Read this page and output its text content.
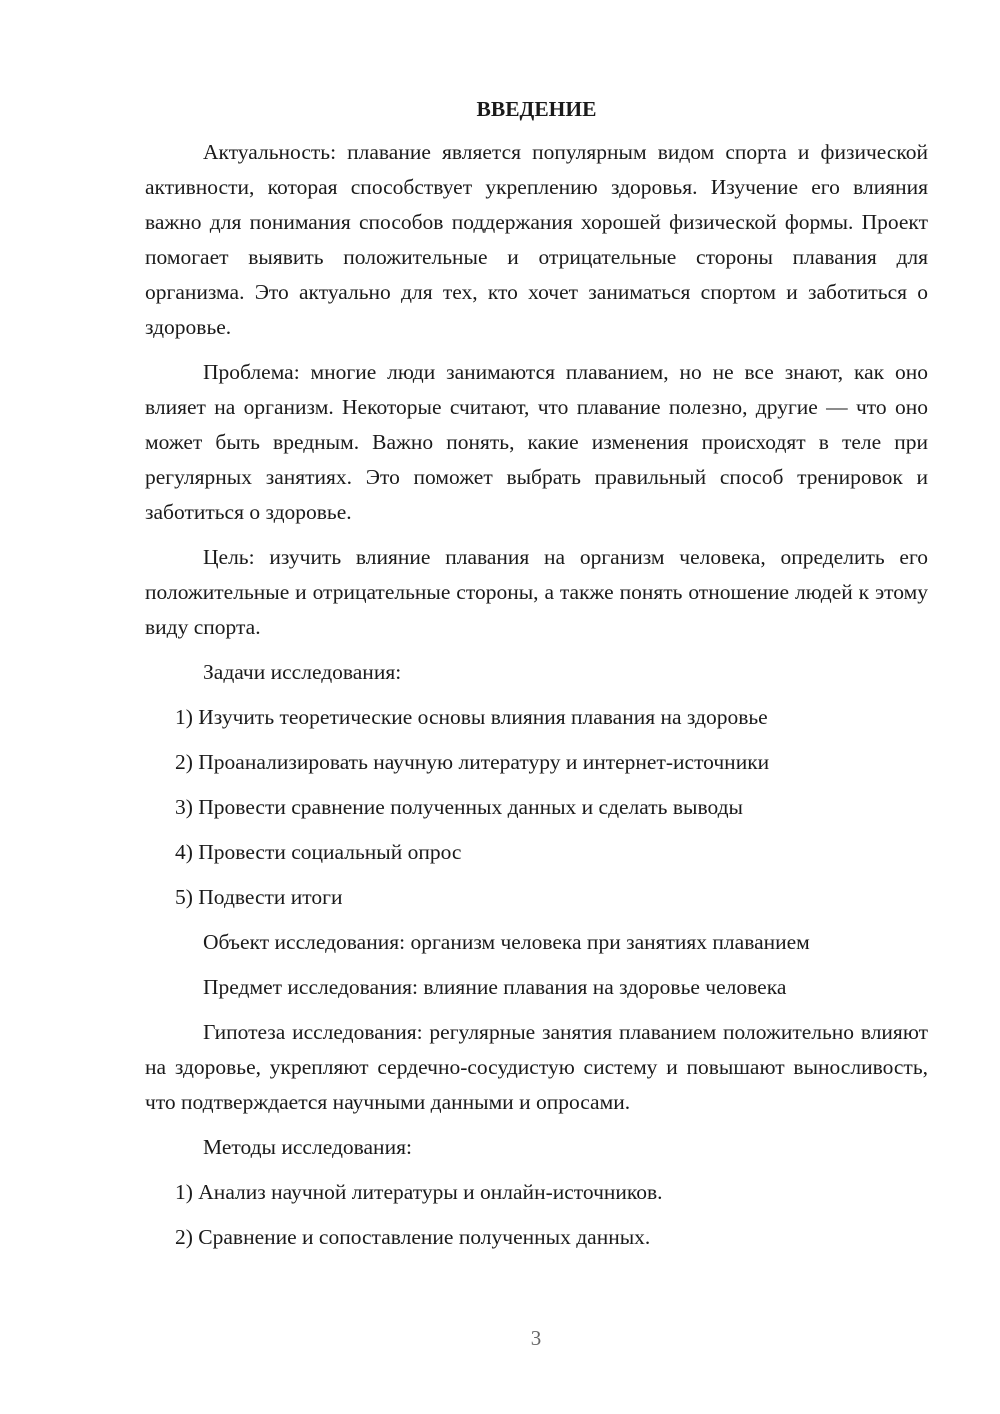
ВВЕДЕНИЕ

Актуальность: плавание является популярным видом спорта и физической активности, которая способствует укреплению здоровья. Изучение его влияния важно для понимания способов поддержания хорошей физической формы. Проект помогает выявить положительные и отрицательные стороны плавания для организма. Это актуально для тех, кто хочет заниматься спортом и заботиться о здоровье.

Проблема: многие люди занимаются плаванием, но не все знают, как оно влияет на организм. Некоторые считают, что плавание полезно, другие — что оно может быть вредным. Важно понять, какие изменения происходят в теле при регулярных занятиях. Это поможет выбрать правильный способ тренировок и заботиться о здоровье.

Цель: изучить влияние плавания на организм человека, определить его положительные и отрицательные стороны, а также понять отношение людей к этому виду спорта.

Задачи исследования:

1) Изучить теоретические основы влияния плавания на здоровье
2) Проанализировать научную литературу и интернет-источники
3) Провести сравнение полученных данных и сделать выводы
4) Провести социальный опрос
5) Подвести итоги

Объект исследования: организм человека при занятиях плаванием

Предмет исследования: влияние плавания на здоровье человека

Гипотеза исследования: регулярные занятия плаванием положительно влияют на здоровье, укрепляют сердечно-сосудистую систему и повышают выносливость, что подтверждается научными данными и опросами.

Методы исследования:

1) Анализ научной литературы и онлайн-источников.
2) Сравнение и сопоставление полученных данных.
3
